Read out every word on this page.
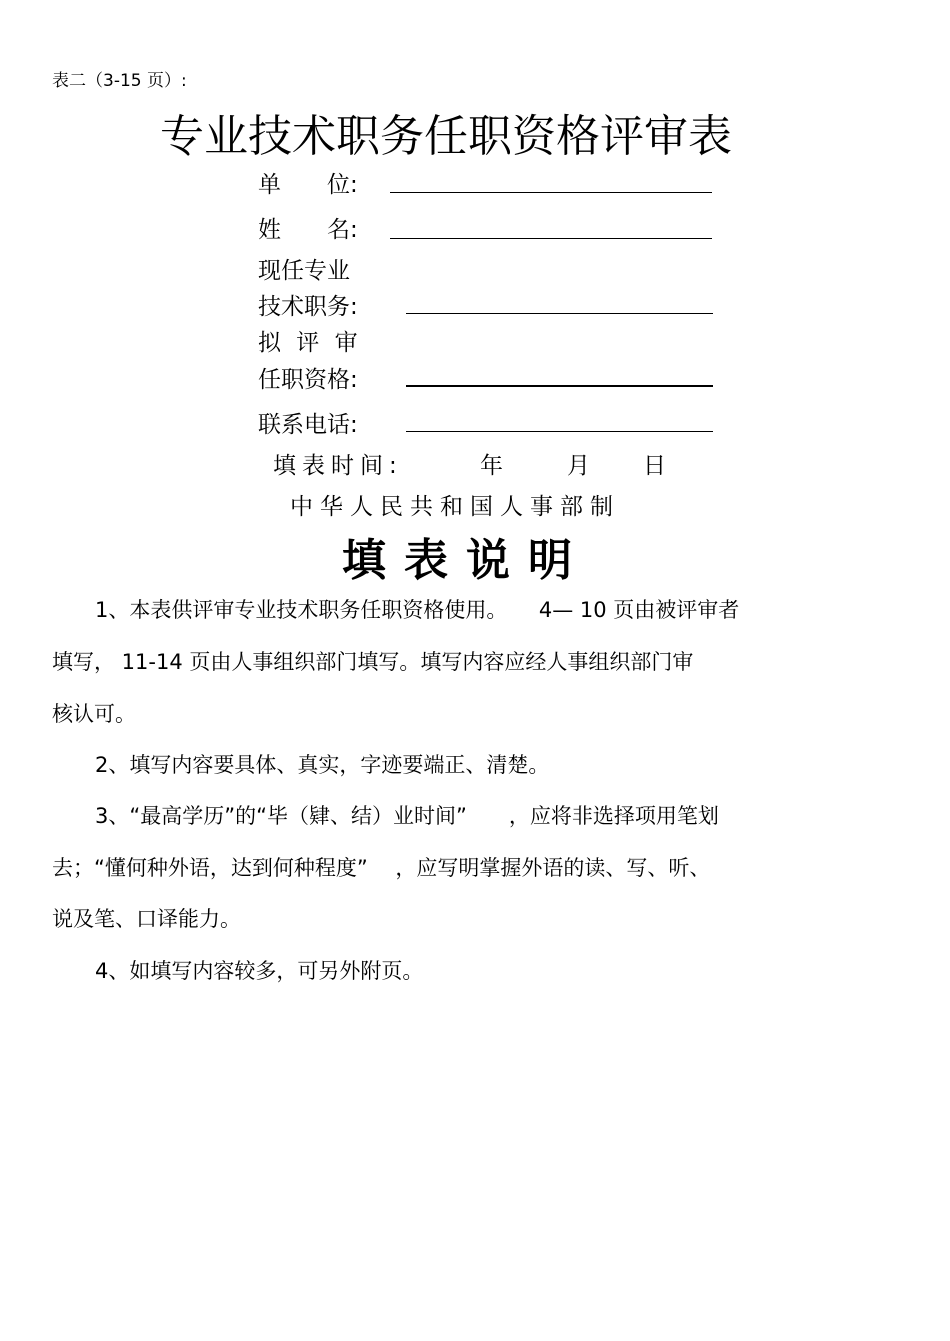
表二（3-15 页）:
专业技术职务任职资格评审表
单　　位:
姓　　名:
现任专业
技术职务:
拟 评 审
任职资格:
联系电话:
填表时间:	年	月 日
中华人民共和国人事部制
填表说明
1、本表供评审专业技术职务任职资格使用。　　4— 10 页由被评审者
填写， 11-14 页由人事组织部门填写。填写内容应经人事组织部门审
核认可。
2、填写内容要具体、真实，字迹要端正、清楚。
3、“最高学历”的“毕（肄、结）业时间”　　，应将非选择项用笔划
去；“懂何种外语，达到何种程度”　 ，应写明掌握外语的读、写、听、
说及笔、口译能力。
4、如填写内容较多，可另外附页。
